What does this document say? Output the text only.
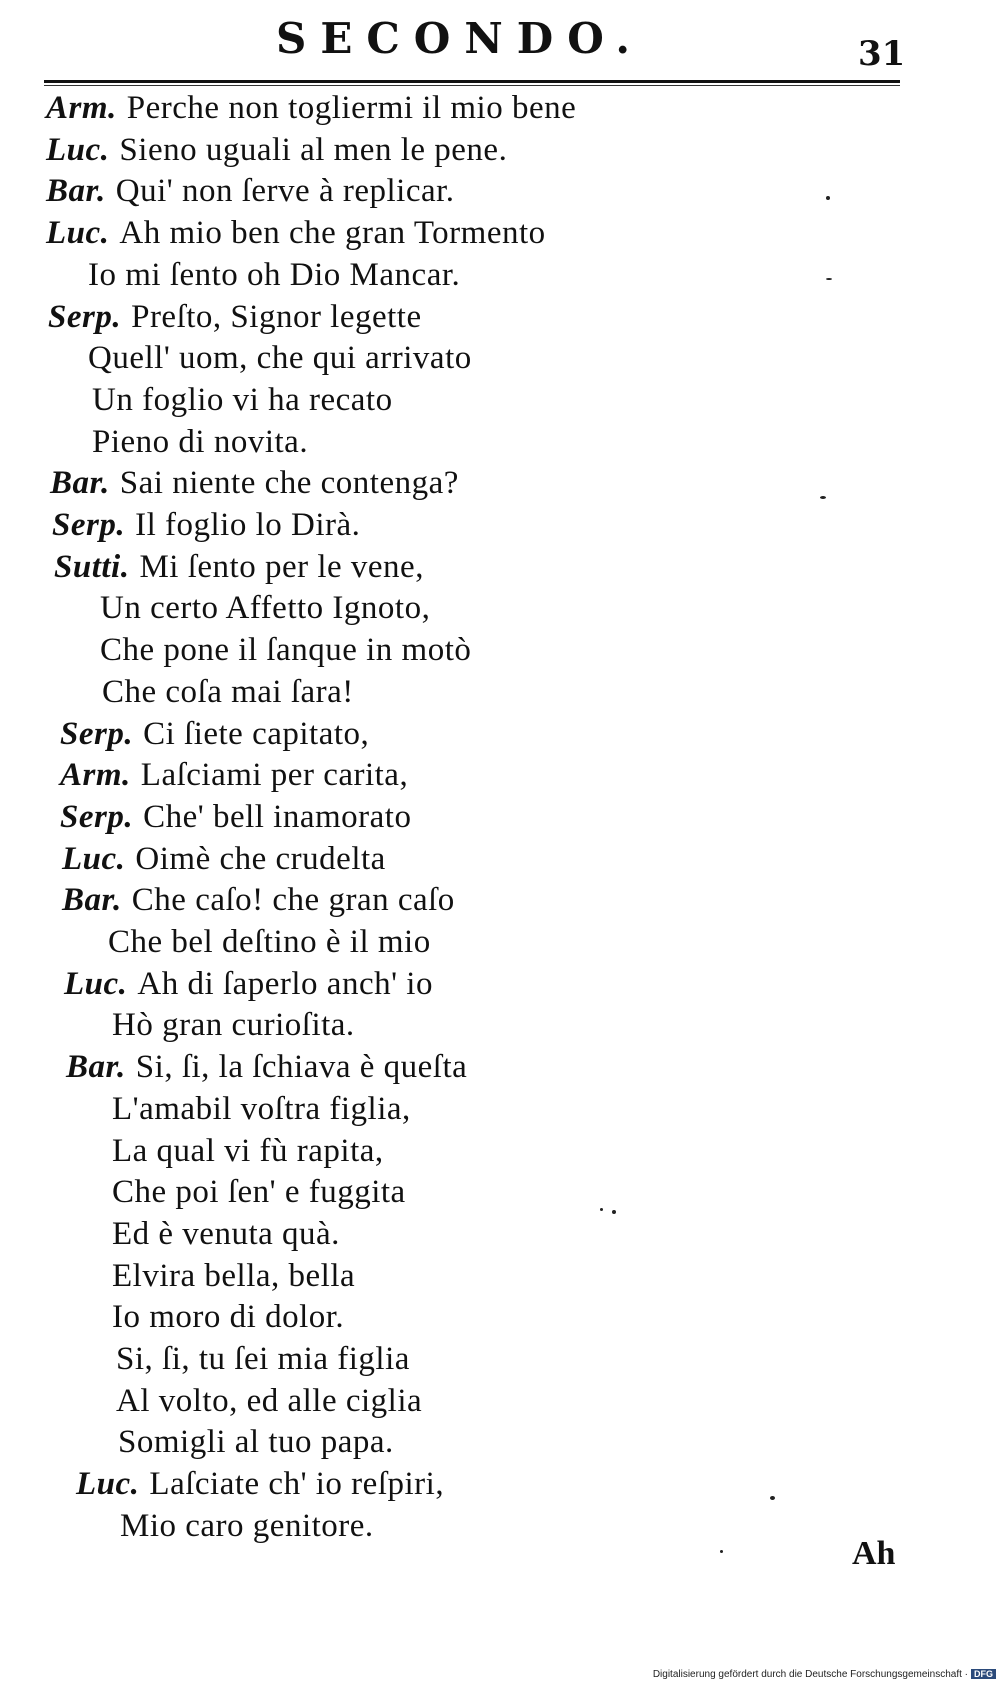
SECONDO.	31
Arm. Perche non togliermi il mio bene
Luc. Sieno uguali al men le pene.
Bar. Qui' non ſerve à replicar.
Luc. Ah mio ben che gran Tormento
Io mi ſento oh Dio Mancar.
Serp. Preſto, Signor legette
Quell' uom, che qui arrivato
Un foglio vi ha recato
Pieno di novita.
Bar. Sai niente che contenga?
Serp. Il foglio lo Dirà.
Sutti. Mi ſento per le vene,
Un certo Affetto Ignoto,
Che pone il ſanque in motò
Che coſa mai ſara!
Serp. Ci ſiete capitato,
Arm. Laſciami per carita,
Serp. Che' bell inamorato
Luc. Oimè che crudelta
Bar. Che caſo! che gran caſo
Che bel deſtino è il mio
Luc. Ah di ſaperlo anch' io
Hò gran curioſita.
Bar. Si, ſi, la ſchiava è queſta
L'amabil voſtra figlia,
La qual vi fù rapita,
Che poi ſen' e fuggita
Ed è venuta quà.
Elvira bella, bella
Io moro di dolor.
Si, ſi, tu ſei mia figlia
Al volto, ed alle ciglia
Somigli al tuo papa.
Luc. Laſciate ch' io reſpiri,
Mio caro genitore.
Ah
Digitalisierung gefördert durch die Deutsche Forschungsgemeinschaft · DFG
